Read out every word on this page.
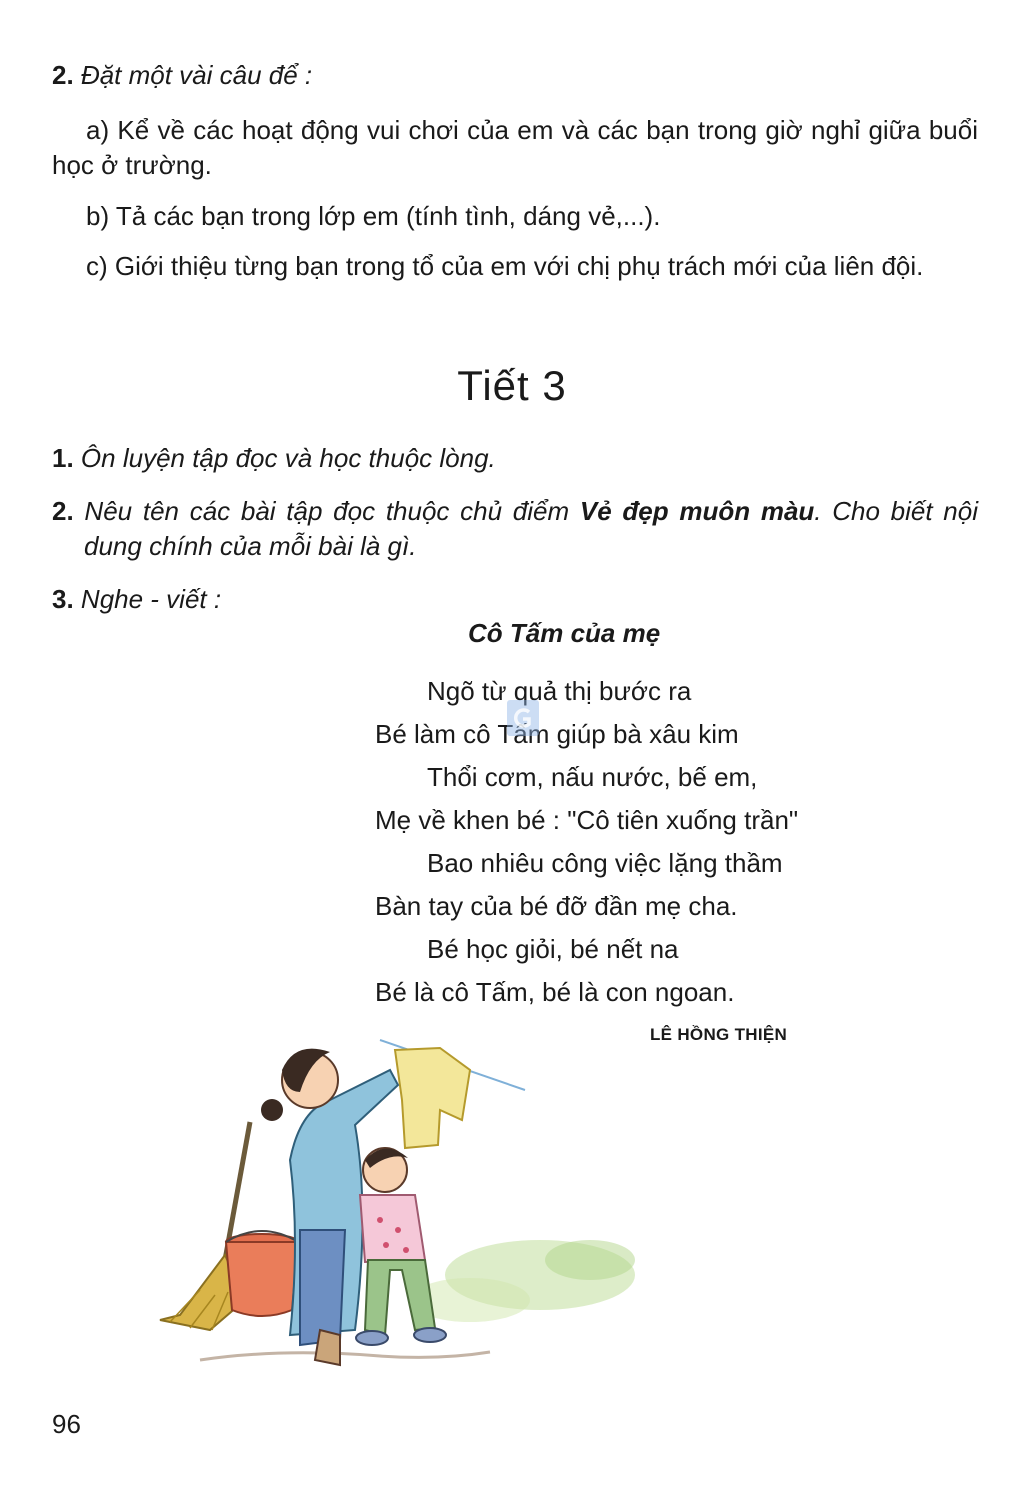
2. Đặt một vài câu để :
a) Kể về các hoạt động vui chơi của em và các bạn trong giờ nghỉ giữa buổi học ở trường.
b) Tả các bạn trong lớp em (tính tình, dáng vẻ,...).
c) Giới thiệu từng bạn trong tổ của em với chị phụ trách mới của liên đội.
Tiết 3
1. Ôn luyện tập đọc và học thuộc lòng.
2. Nêu tên các bài tập đọc thuộc chủ điểm Vẻ đẹp muôn màu. Cho biết nội dung chính của mỗi bài là gì.
3. Nghe - viết :
Cô Tấm của mẹ
Ngõ từ quả thị bước ra
Bé làm cô Tấm giúp bà xâu kim
Thổi cơm, nấu nước, bế em,
Mẹ về khen bé : "Cô tiên xuống trần"
Bao nhiêu công việc lặng thầm
Bàn tay của bé đỡ đần mẹ cha.
Bé học giỏi, bé nết na
Bé là cô Tấm, bé là con ngoan.
LÊ HỒNG THIỆN
96
